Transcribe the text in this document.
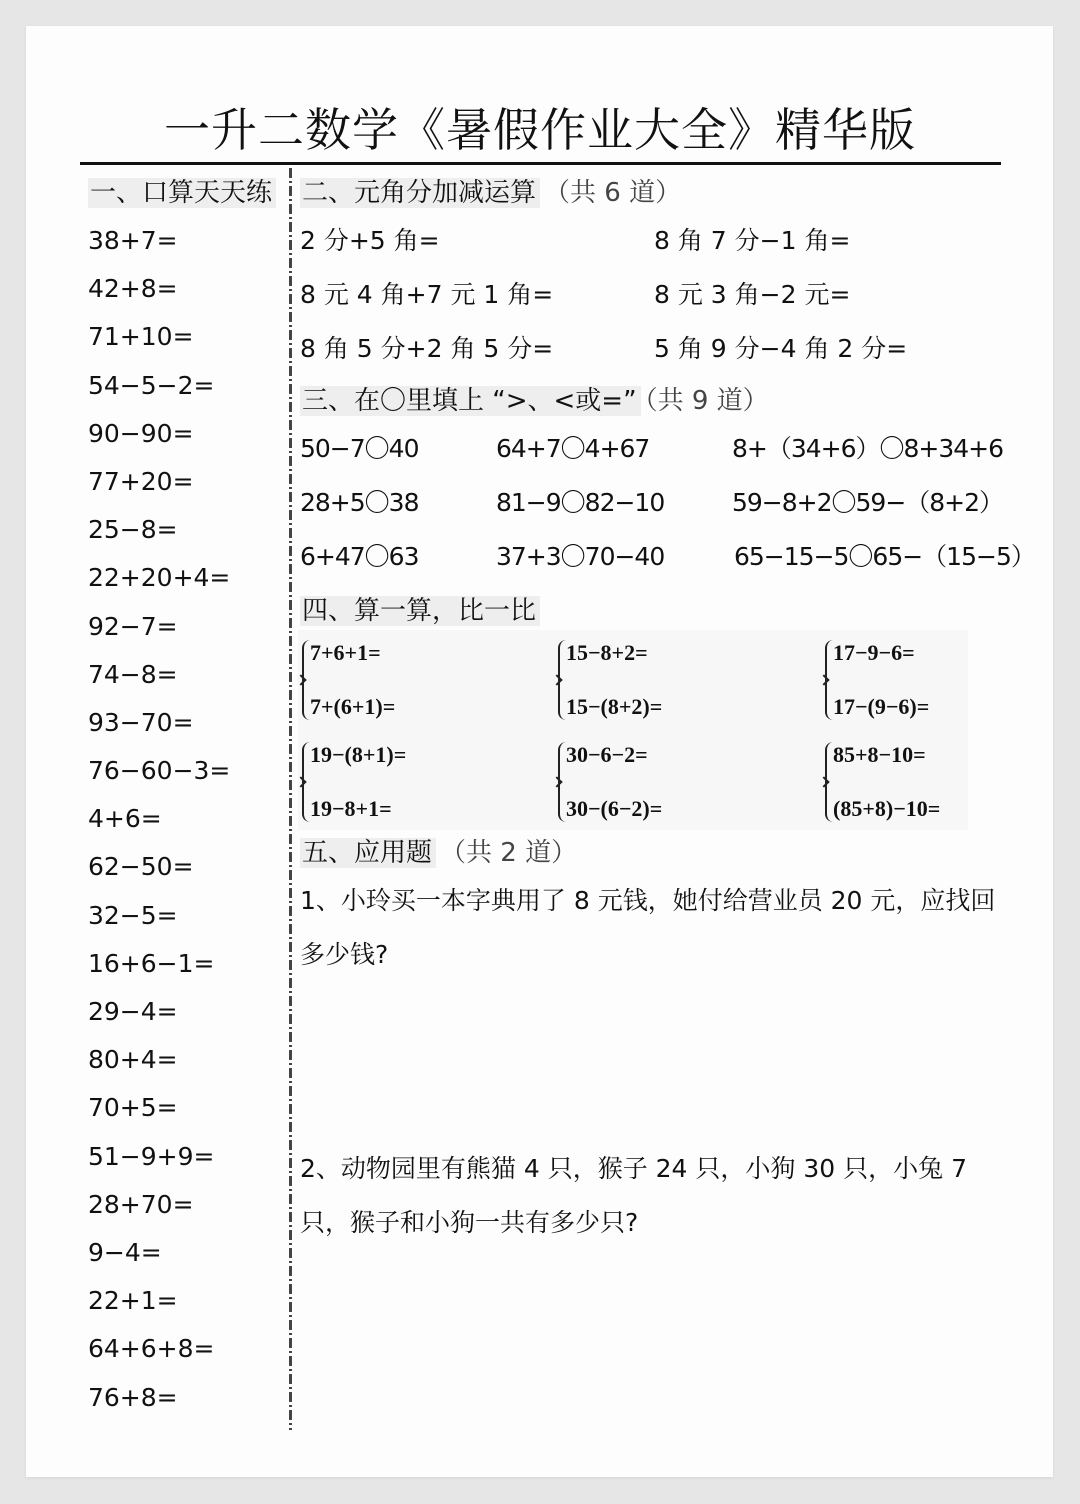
一升二数学《暑假作业大全》精华版
一、口算天天练
38+7=
42+8=
71+10=
54−5−2=
90−90=
77+20=
25−8=
22+20+4=
92−7=
74−8=
93−70=
76−60−3=
4+6=
62−50=
32−5=
16+6−1=
29−4=
80+4=
70+5=
51−9+9=
28+70=
9−4=
22+1=
64+6+8=
76+8=
二、元角分加减运算 （共 6 道）
2 分+5 角=	8 角 7 分−1 角=
8 元 4 角+7 元 1 角=	8 元 3 角−2 元=
8 角 5 分+2 角 5 分=	5 角 9 分−4 角 2 分=
三、在〇里填上 “>、<或=” （共 9 道）
50−7〇40	64+7〇4+67	8+（34+6）〇8+34+6
28+5〇38	81−9〇82−10	59−8+2〇59−（8+2）
6+47〇63	37+3〇70−40	65−15−5〇65−（15−5）
四、算一算，比一比
7+6+1=
7+(6+1)=
15−8+2=
15−(8+2)=
17−9−6=
17−(9−6)=
19−(8+1)=
19−8+1=
30−6−2=
30−(6−2)=
85+8−10=
(85+8)−10=
五、应用题 （共 2 道）

1、小玲买一本字典用了 8 元钱，她付给营业员 20 元，应找回多少钱?

2、动物园里有熊猫 4 只，猴子 24 只，小狗 30 只，小兔 7 只，猴子和小狗一共有多少只?
